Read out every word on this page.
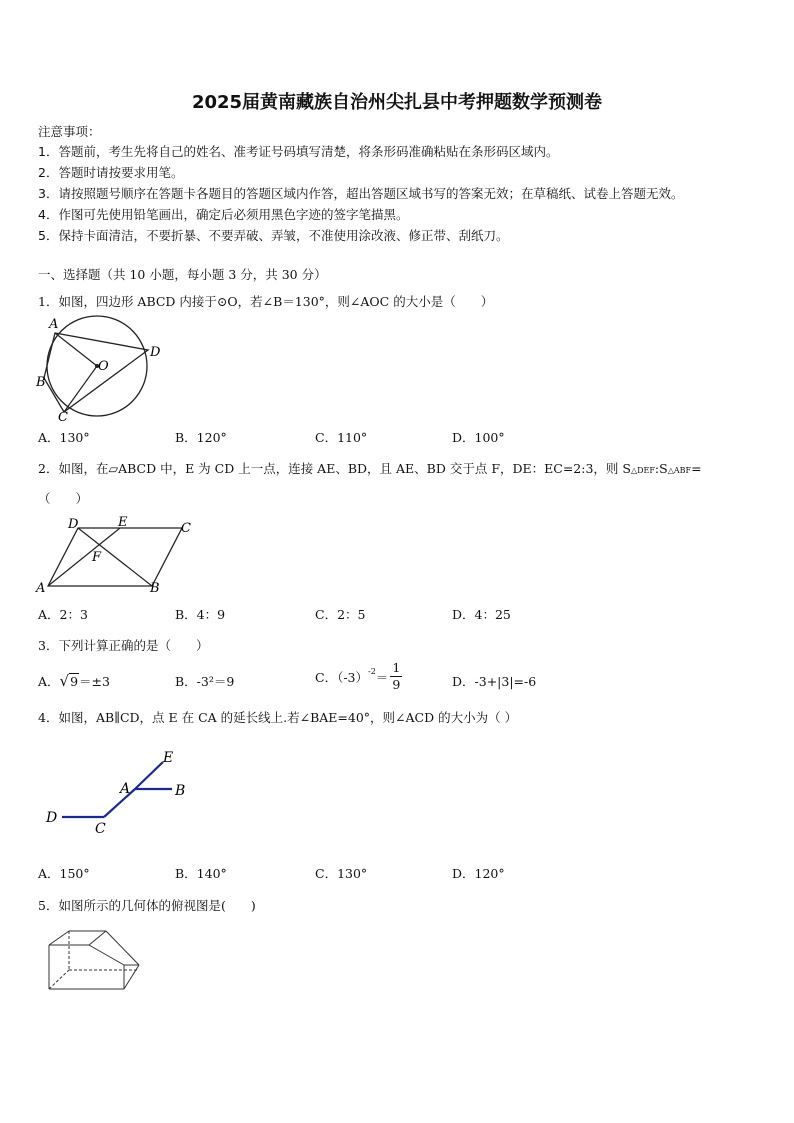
2025届黄南藏族自治州尖扎县中考押题数学预测卷
注意事项：
1．答题前，考生先将自己的姓名、准考证号码填写清楚，将条形码准确粘贴在条形码区域内。
2．答题时请按要求用笔。
3．请按照题号顺序在答题卡各题目的答题区域内作答，超出答题区域书写的答案无效；在草稿纸、试卷上答题无效。
4．作图可先使用铅笔画出，确定后必须用黑色字迹的签字笔描黑。
5．保持卡面清洁，不要折暴、不要弄破、弄皱，不准使用涂改液、修正带、刮纸刀。
一、选择题（共 10 小题，每小题 3 分，共 30 分）
1．如图，四边形 ABCD 内接于⊙O，若∠B＝130°，则∠AOC 的大小是（　　）
A
B
C
D
O
A．130°	B．120°	C．110°	D．100°
2．如图，在▱ABCD 中，E 为 CD 上一点，连接 AE、BD，且 AE、BD 交于点 F，DE：EC=2:3，则 S△DEF:S△ABF=
（　　）
D	E	C
F
A	B
A．2：3	B．4：9	C．2：5	D．4：25
3．下列计算正确的是（　　）
A．√9＝±3	B．-3²＝9	C．$(-3)^{-2}= \frac{1}{9}$	D．-3+|3|=-6
4．如图，AB∥CD，点 E 在 CA 的延长线上.若∠BAE=40°，则∠ACD 的大小为（ ）
E
A	B
D
C
A．150°	B．140°	C．130°	D．120°
5．如图所示的几何体的俯视图是(　　)
